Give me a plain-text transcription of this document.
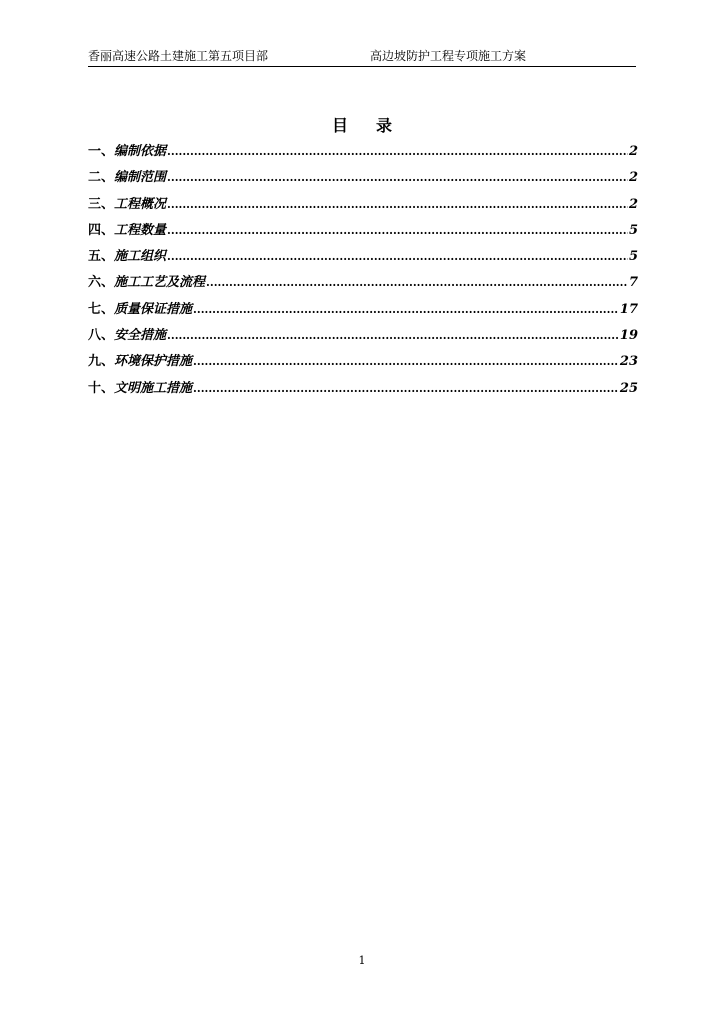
香丽高速公路土建施工第五项目部	高边坡防护工程专项施工方案
目 录
一、 编制依据 .....	2
二、 编制范围 .....	2
三、 工程概况 .....	2
四、 工程数量 .....	5
五、 施工组织 .....	5
六、 施工工艺及流程 .....	7
七、 质量保证措施 .....	17
八、 安全措施 .....	19
九、 环境保护措施 .....	23
十、 文明施工措施 .....	25
1
